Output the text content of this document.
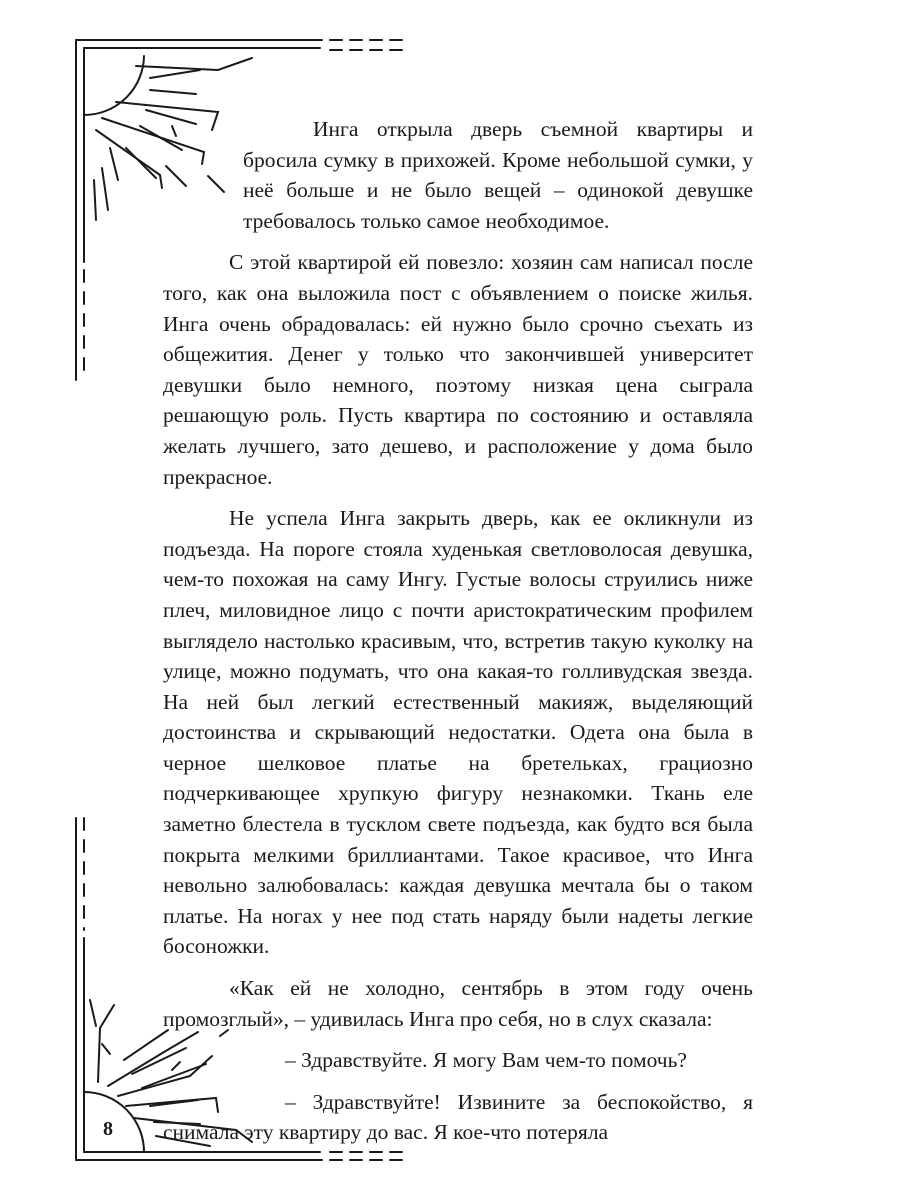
Инга открыла дверь съемной квартиры и бросила сумку в прихожей. Кроме небольшой сумки, у неё больше и не было вещей – одинокой девушке требовалось только самое необходимое.

С этой квартирой ей повезло: хозяин сам написал после того, как она выложила пост с объявлением о поиске жилья. Инга очень обрадовалась: ей нужно было срочно съехать из общежития. Денег у только что закончившей университет девушки было немного, поэтому низкая цена сыграла решающую роль. Пусть квартира по состоянию и оставляла желать лучшего, зато дешево, и расположение у дома было прекрасное.

Не успела Инга закрыть дверь, как ее окликнули из подъезда. На пороге стояла худенькая светловолосая девушка, чем-то похожая на саму Ингу. Густые волосы струились ниже плеч, миловидное лицо с почти аристократическим профилем выглядело настолько красивым, что, встретив такую куколку на улице, можно подумать, что она какая-то голливудская звезда. На ней был легкий естественный макияж, выделяющий достоинства и скрывающий недостатки. Одета она была в черное шелковое платье на бретельках, грациозно подчеркивающее хрупкую фигуру незнакомки. Ткань еле заметно блестела в тусклом свете подъезда, как будто вся была покрыта мелкими бриллиантами. Такое красивое, что Инга невольно залюбовалась: каждая девушка мечтала бы о таком платье. На ногах у нее под стать наряду были надеты легкие босоножки.

«Как ей не холодно, сентябрь в этом году очень промозглый», – удивилась Инга про себя, но в слух сказала:

– Здравствуйте. Я могу Вам чем-то помочь?

– Здравствуйте! Извините за беспокойство, я снимала эту квартиру до вас. Я кое-что потеряла

8
